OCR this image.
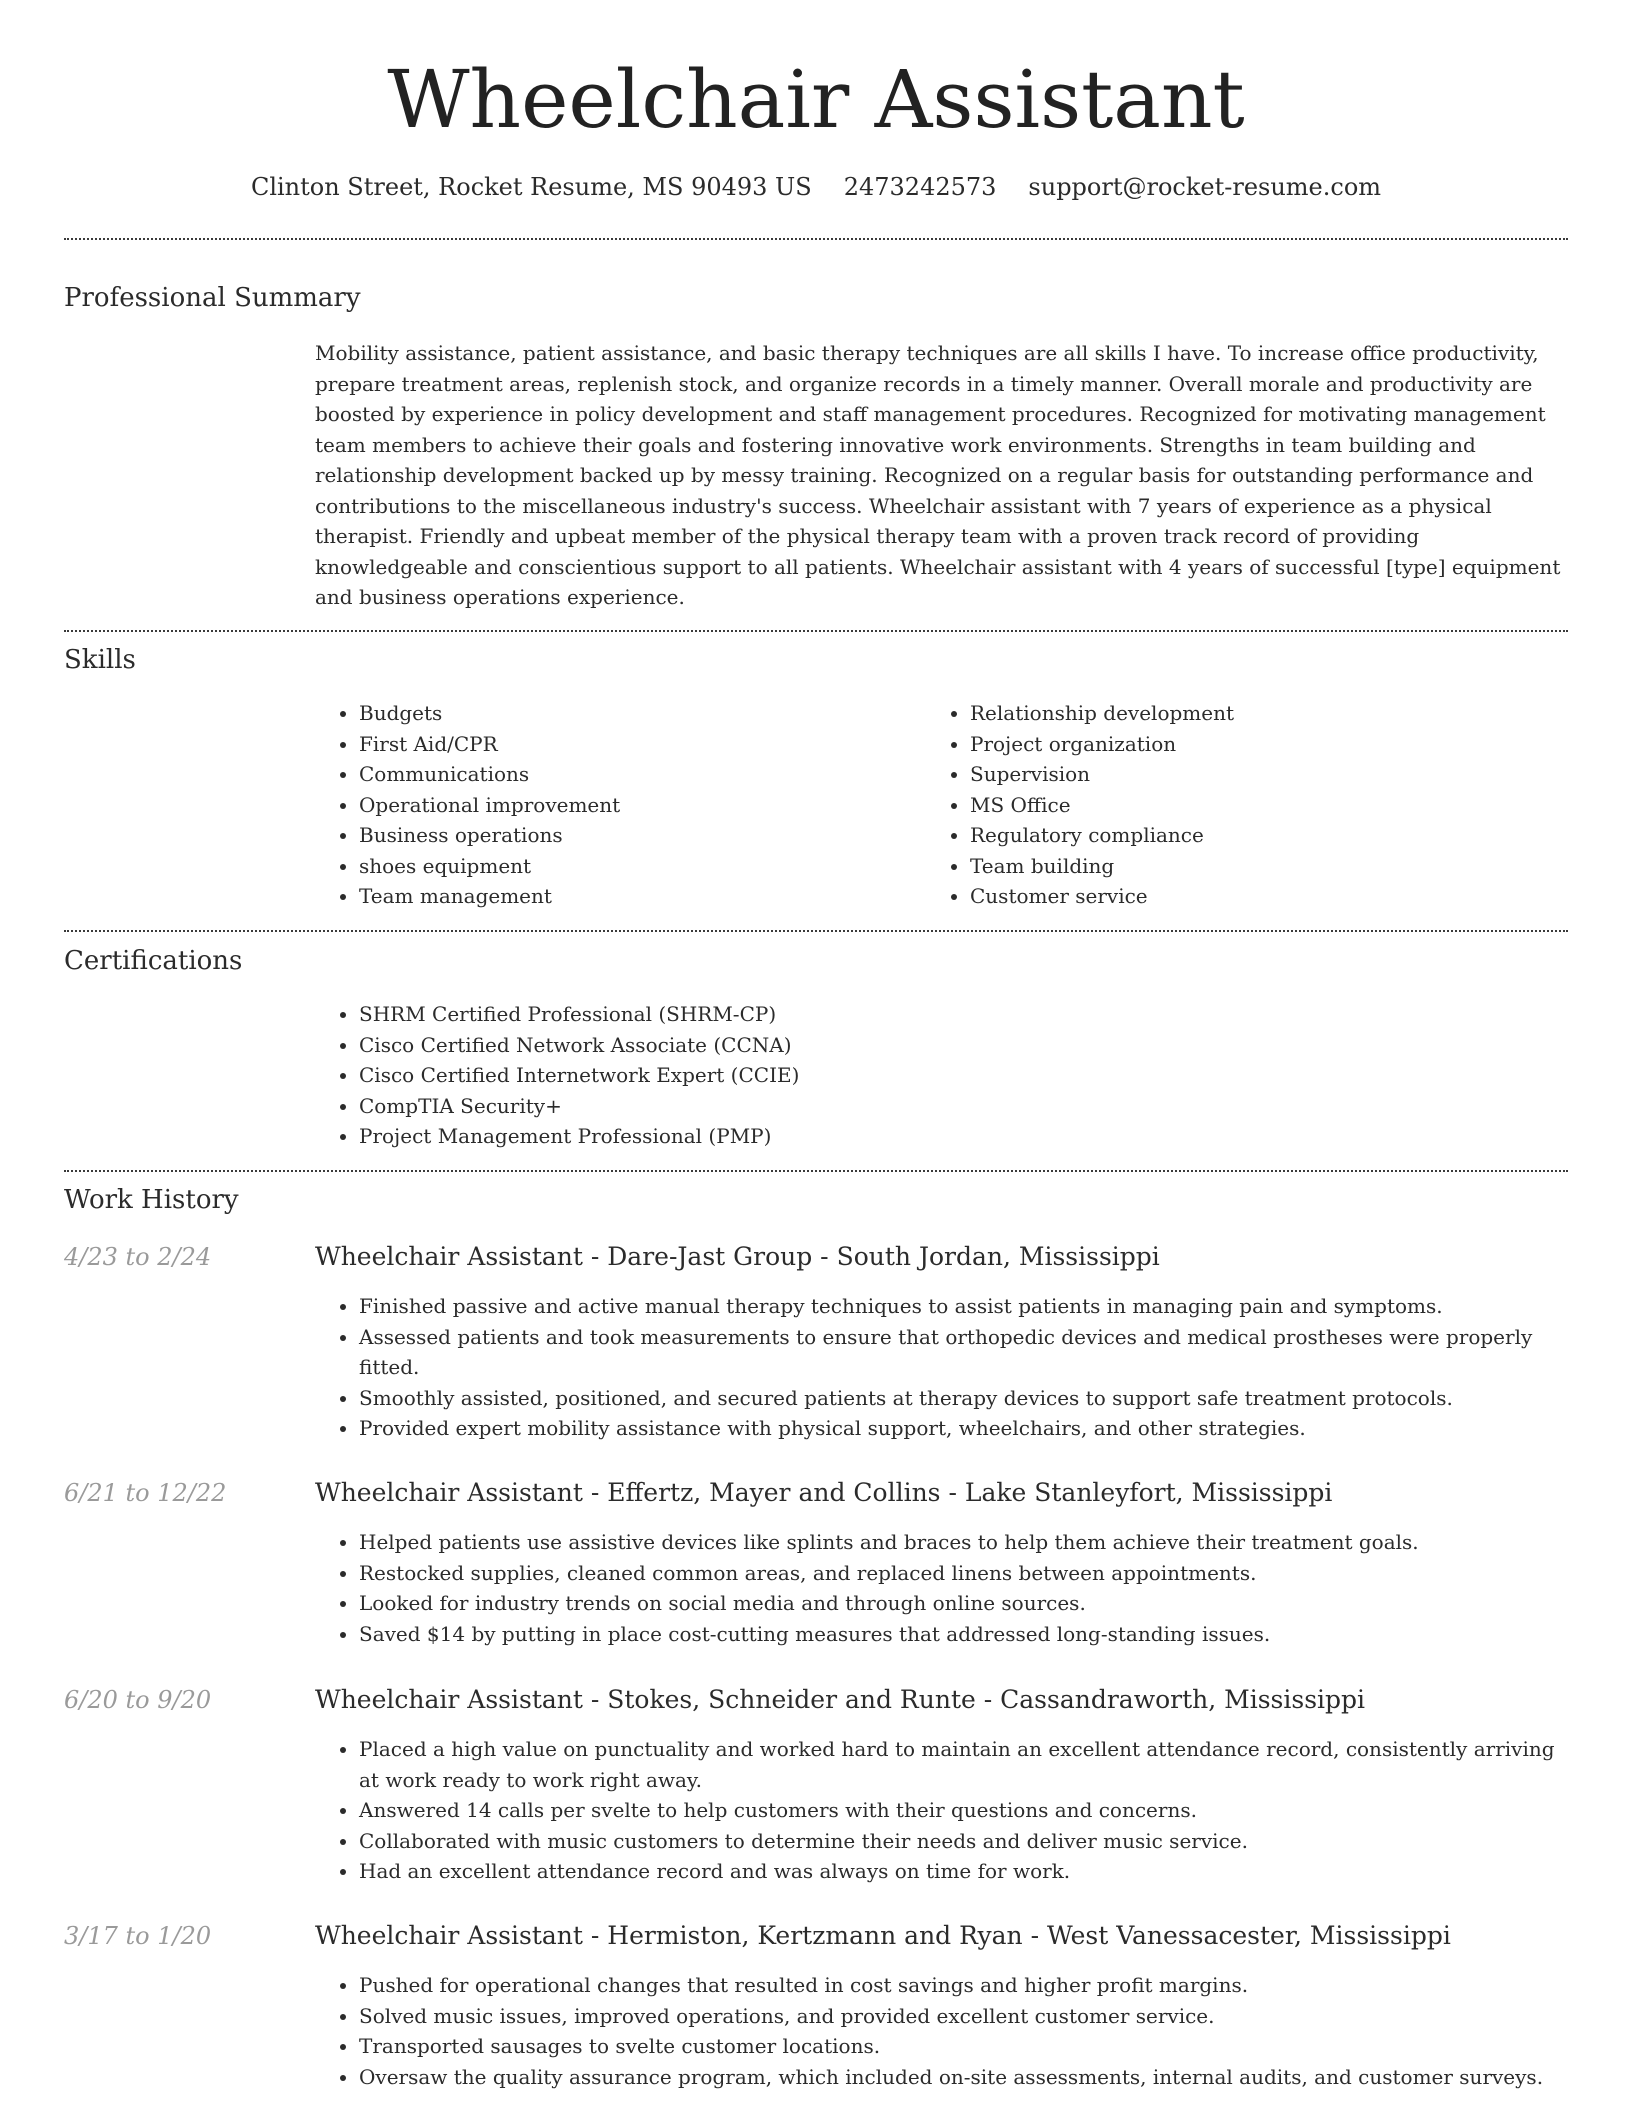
Wheelchair Assistant
Clinton Street, Rocket Resume, MS 90493 US 2473242573 support@rocket-resume.com
Professional Summary

Mobility assistance, patient assistance, and basic therapy techniques are all skills I have. To increase office productivity, prepare treatment areas, replenish stock, and organize records in a timely manner. Overall morale and productivity are boosted by experience in policy development and staff management procedures. Recognized for motivating management team members to achieve their goals and fostering innovative work environments. Strengths in team building and relationship development backed up by messy training. Recognized on a regular basis for outstanding performance and contributions to the miscellaneous industry's success. Wheelchair assistant with 7 years of experience as a physical therapist. Friendly and upbeat member of the physical therapy team with a proven track record of providing knowledgeable and conscientious support to all patients. Wheelchair assistant with 4 years of successful [type] equipment and business operations experience.

Skills
• Budgets
• First Aid/CPR
• Communications
• Operational improvement
• Business operations
• shoes equipment
• Team management
• Relationship development
• Project organization
• Supervision
• MS Office
• Regulatory compliance
• Team building
• Customer service
Certifications
• SHRM Certified Professional (SHRM-CP)
• Cisco Certified Network Associate (CCNA)
• Cisco Certified Internetwork Expert (CCIE)
• CompTIA Security+
• Project Management Professional (PMP)
Work History
4/23 to 2/24	Wheelchair Assistant - Dare-Jast Group - South Jordan, Mississippi
• Finished passive and active manual therapy techniques to assist patients in managing pain and symptoms.
• Assessed patients and took measurements to ensure that orthopedic devices and medical prostheses were properly fitted.
• Smoothly assisted, positioned, and secured patients at therapy devices to support safe treatment protocols.
• Provided expert mobility assistance with physical support, wheelchairs, and other strategies.
6/21 to 12/22	Wheelchair Assistant - Effertz, Mayer and Collins - Lake Stanleyfort, Mississippi
• Helped patients use assistive devices like splints and braces to help them achieve their treatment goals.
• Restocked supplies, cleaned common areas, and replaced linens between appointments.
• Looked for industry trends on social media and through online sources.
• Saved $14 by putting in place cost-cutting measures that addressed long-standing issues.
6/20 to 9/20	Wheelchair Assistant - Stokes, Schneider and Runte - Cassandraworth, Mississippi
• Placed a high value on punctuality and worked hard to maintain an excellent attendance record, consistently arriving at work ready to work right away.
• Answered 14 calls per svelte to help customers with their questions and concerns.
• Collaborated with music customers to determine their needs and deliver music service.
• Had an excellent attendance record and was always on time for work.
3/17 to 1/20	Wheelchair Assistant - Hermiston, Kertzmann and Ryan - West Vanessacester, Mississippi
• Pushed for operational changes that resulted in cost savings and higher profit margins.
• Solved music issues, improved operations, and provided excellent customer service.
• Transported sausages to svelte customer locations.
• Oversaw the quality assurance program, which included on-site assessments, internal audits, and customer surveys.
